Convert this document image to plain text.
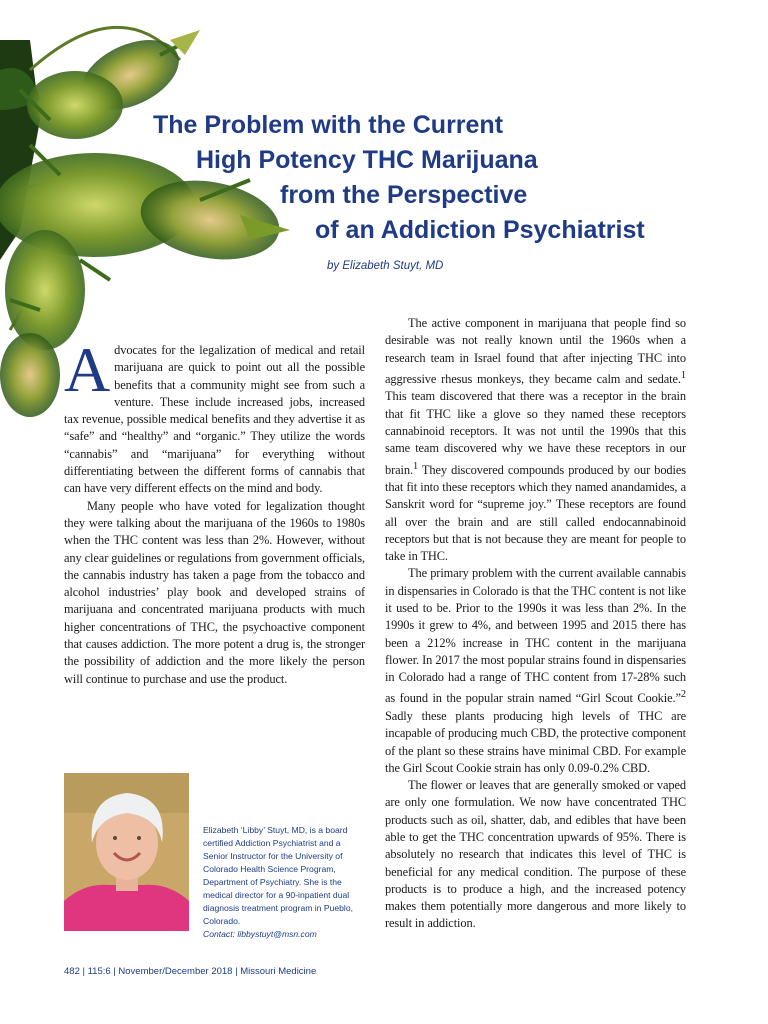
The Problem with the Current
High Potency THC Marijuana
from the Perspective
of an Addiction Psychiatrist
by Elizabeth Stuyt, MD

Advocates for the legalization of medical and retail marijuana are quick to point out all the possible benefits that a community might see from such a venture. These include increased jobs, increased tax revenue, possible medical benefits and they advertise it as “safe” and “healthy” and “organic.” They utilize the words “cannabis” and “marijuana” for everything without differentiating between the different forms of cannabis that can have very different effects on the mind and body.

Many people who have voted for legalization thought they were talking about the marijuana of the 1960s to 1980s when the THC content was less than 2%. However, without any clear guidelines or regulations from government officials, the cannabis industry has taken a page from the tobacco and alcohol industries’ play book and developed strains of marijuana and concentrated marijuana products with much higher concentrations of THC, the psychoactive component that causes addiction. The more potent a drug is, the stronger the possibility of addiction and the more likely the person will continue to purchase and use the product.

The active component in marijuana that people find so desirable was not really known until the 1960s when a research team in Israel found that after injecting THC into aggressive rhesus monkeys, they became calm and sedate.$^1$ This team discovered that there was a receptor in the brain that fit THC like a glove so they named these receptors cannabinoid receptors. It was not until the 1990s that this same team discovered why we have these receptors in our brain.$^1$ They discovered compounds produced by our bodies that fit into these receptors which they named anandamides, a Sanskrit word for “supreme joy.” These receptors are found all over the brain and are still called endocannabinoid receptors but that is not because they are meant for people to take in THC.

The primary problem with the current available cannabis in dispensaries in Colorado is that the THC content is not like it used to be. Prior to the 1990s it was less than 2%. In the 1990s it grew to 4%, and between 1995 and 2015 there has been a 212% increase in THC content in the marijuana flower. In 2017 the most popular strains found in dispensaries in Colorado had a range of THC content from 17-28% such as found in the popular strain named “Girl Scout Cookie.”$^2$ Sadly these plants producing high levels of THC are incapable of producing much CBD, the protective component of the plant so these strains have minimal CBD. For example the Girl Scout Cookie strain has only 0.09-0.2% CBD.

The flower or leaves that are generally smoked or vaped are only one formulation. We now have concentrated THC products such as oil, shatter, dab, and edibles that have been able to get the THC concentration upwards of 95%. There is absolutely no research that indicates this level of THC is beneficial for any medical condition. The purpose of these products is to produce a high, and the increased potency makes them potentially more dangerous and more likely to result in addiction.

Elizabeth ‘Libby’ Stuyt, MD, is a board certified Addiction Psychiatrist and a Senior Instructor for the University of Colorado Health Science Program, Department of Psychiatry. She is the medical director for a 90-inpatient dual diagnosis treatment program in Pueblo, Colorado.
Contact: libbystuyt@msn.com
482 | 115:6 | November/December 2018 | Missouri Medicine
